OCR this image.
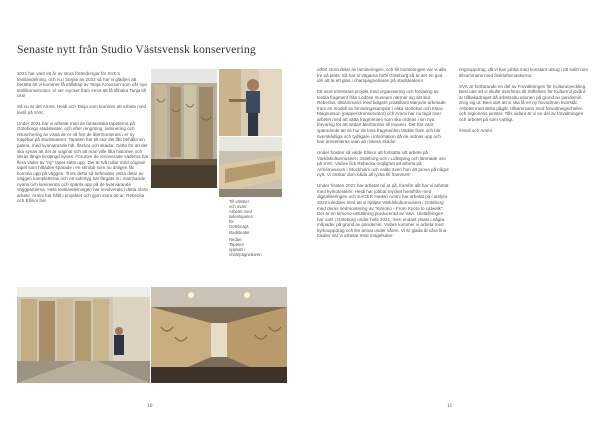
Senaste nytt från Studio Västsvensk konservering

2021 har varit ett år av stora förändringar för SVK:s textilavdelning, och nu i början av 2022 så har vi glädjen att berätta att vi kommer få sällskap av Tanja Aronsson som vår nya textilkonservator. Vi ser mycket fram emot att få tillbaka Tanja till oss!

Så nu är det Ammi, Heidi och Tanja som kommer att arbeta med textil på SVK.

Under 2021 har vi arbetat med de fantastiska tapeterna på Göteborgs stadsteater, och efter rengöring, laminering och retuschering av vissa de er så har de återmonterats i er ny foajébar på stadsteatern. Tapeten har till stor del fått behålla sin patina, med kvarvarande hål, fläckar och skador. Detta för att det ska synas att det är original och att man ville låta historien och deras långa livslängd synas. Förutom de renoverade väderna har flera väder av "ny" tapet satts upp. Det är två rullar med original-tapet som hittades sparade i en skrubb som nu änligen får komma upp på väggen. Trots detta så behövdes vissa delar av väggen kompletteras och ett sidertyg har färgats in i matchande nyans och laminerats och spänts upp på de kvarvarande väggpartierna. Hela textilavdelningen har involverats i detta stora arbete. Ammi har hållt i projektet och gjort stora de ar. Rebecka och Ellinor har	Till vänster och ovan: Arbetet med sidentapeten för Göteborgs stadsteater.

Nedan: Tapeten uppsatt i champagnebaren

utfört stora delar av lamineringen, och till monteringen var vi alla tre på plats. Så har ni vägarna förbi Göteborg så är det en god idé att ta ett glas i champagnebaren på stadsteatern!

Ett stort intressant projekt med organisering och förvaring av textila fragment från Lödöse museum närmar sig sitt slut. Rebecka, tillsammans med tidigare praktikant Marjorie arbetade fram en modell av förvaringssamplar i olika storlekar och Klara Magnusson (pappersKonservator) och Ammi har nu tagit över arbetet med att sätta fragmenten som ska ordnas i sin nya förvaring för att sedan återbördas till museet. Det har varit spännande att se hur de lösa fragmenten trädde fram och blir överskådliga och tydligare i information då de ordnas upp och kan presenteras utan att riskera skador.

Under hösten så valde Ellinor att fortsätta sitt arbete på Världskulturmuseet i Göteborg och i Lidköping och lämnade oss på SVK. Vidare fick Rebecka möjlighet att arbeta på Armémuseum i Stockholm och valde även hon att prova på något nytt. Vi önskar dom båda all lycka till framöver!

Under hösten 2021 har arbetat rul at på, framför allt har vi arbetat med kyrkotextilier. Heidi har jobbat mycket hemifrån med digitaliseringen och SACER medan Ammi har arbetat på i ateljén. 2022 inleddes med att vi hjälpte Världskulturmuseet i Göteborg med deras nedmontering av "Kimono - From Kyoto to catwalk". Det är en kimono-utställning producerad av V&A. Utställningen har varit i Göteborg under hela 2021, men endast visats i några månader på grund av pandemin. Vidare kommer vi arbeta med kyrkouppdrag och lite annat under våren. Vi är glada åt våra fina lokaler när vi arbetar med mögelsane-

ringsuppdrag, då vi kan jobba med konstant utsug i ett solitt rum tillsammans med friskluftsmaskerna.

SVK är fortfarande en del av Förvaltningen för Kulturutveckling. Besi utet att vi skulle överföras till Stiftelsen för Kulturmil jövård är tillbakadraget då arbetssitu ationen på grund av pandemin drog sig ut. Besi utet att vi ska få en ny huvudman kvarstår. Arbetet med detta pågår, tillsammans med förvaltningschefen och regionens jurister. Tills vidare är vi en del av förvaltningen och arbetet på som vanligt.

/Heidi och Ammi

10	11
